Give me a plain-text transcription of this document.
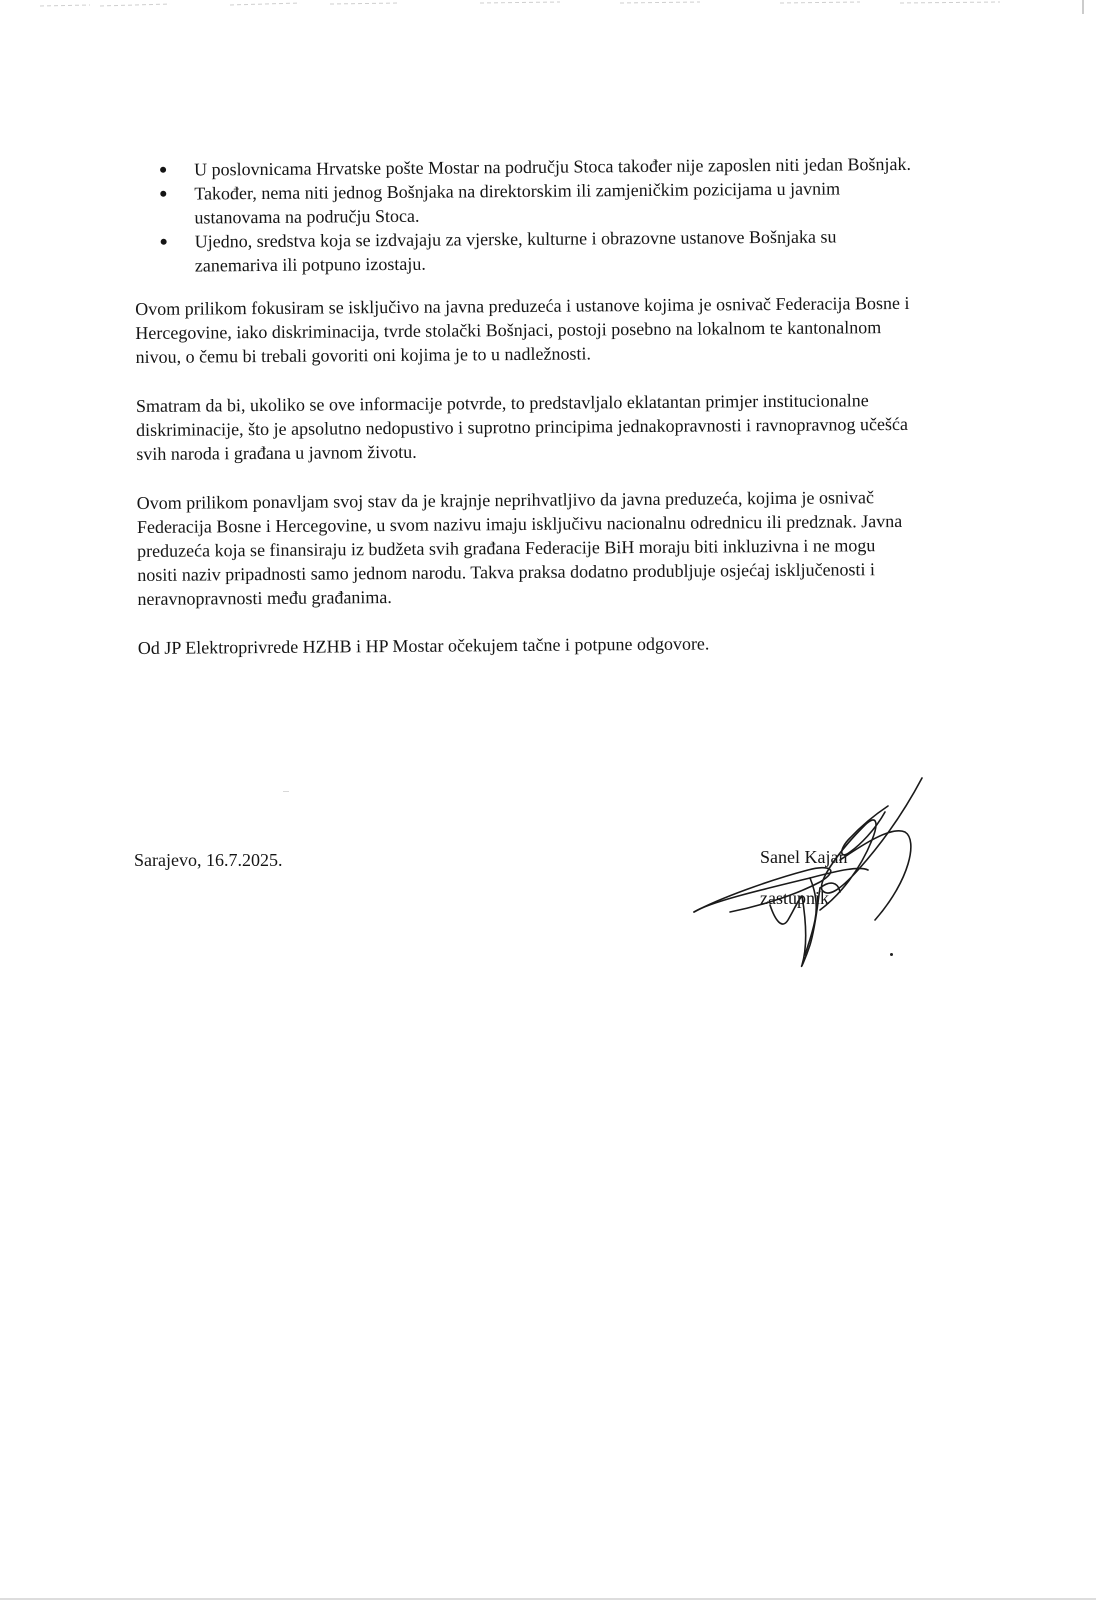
U poslovnicama Hrvatske pošte Mostar na području Stoca također nije zaposlen niti jedan Bošnjak.
Također, nema niti jednog Bošnjaka na direktorskim ili zamjeničkim pozicijama u javnim ustanovama na području Stoca.
Ujedno, sredstva koja se izdvajaju za vjerske, kulturne i obrazovne ustanove Bošnjaka su zanemariva ili potpuno izostaju.

Ovom prilikom fokusiram se isključivo na javna preduzeća i ustanove kojima je osnivač Federacija Bosne i Hercegovine, iako diskriminacija, tvrde stolački Bošnjaci, postoji posebno na lokalnom te kantonalnom nivou, o čemu bi trebali govoriti oni kojima je to u nadležnosti.

Smatram da bi, ukoliko se ove informacije potvrde, to predstavljalo eklatantan primjer institucionalne diskriminacije, što je apsolutno nedopustivo i suprotno principima jednakopravnosti i ravnopravnog učešća svih naroda i građana u javnom životu.

Ovom prilikom ponavljam svoj stav da je krajnje neprihvatljivo da javna preduzeća, kojima je osnivač Federacija Bosne i Hercegovine, u svom nazivu imaju isključivu nacionalnu odrednicu ili predznak. Javna preduzeća koja se finansiraju iz budžeta svih građana Federacije BiH moraju biti inkluzivna i ne mogu nositi naziv pripadnosti samo jednom narodu. Takva praksa dodatno produbljuje osjećaj isključenosti i neravnopravnosti među građanima.

Od JP Elektroprivrede HZHB i HP Mostar očekujem tačne i potpune odgovore.

Sarajevo, 16.7.2025.	Sanel Kajan
zastupnik
